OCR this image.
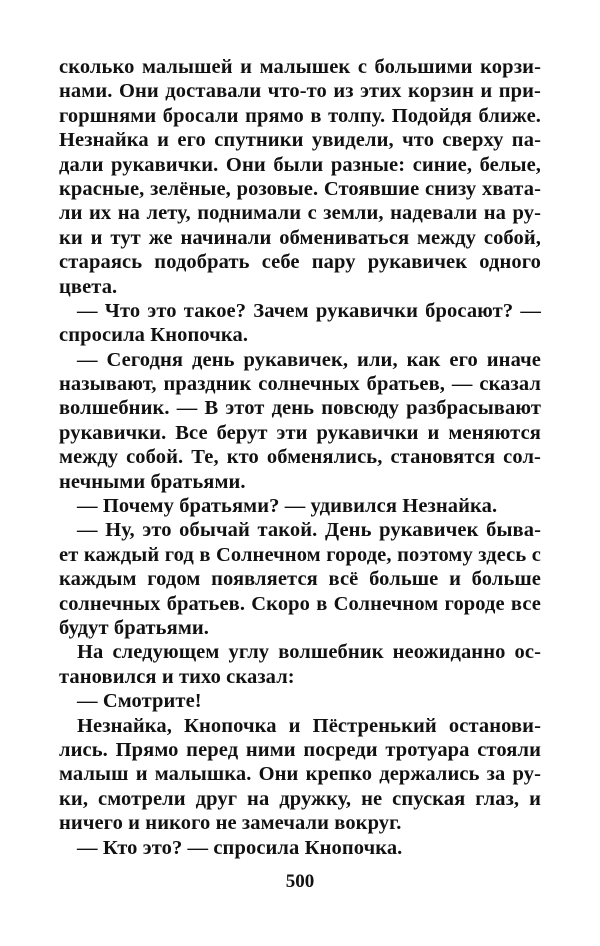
сколько малышей и малышек с большими корзи-
нами. Они доставали что-то из этих корзин и при-
горшнями бросали прямо в толпу. Подойдя ближе.
Незнайка и его спутники увидели, что сверху па-
дали рукавички. Они были разные: синие, белые,
красные, зелёные, розовые. Стоявшие снизу хвата-
ли их на лету, поднимали с земли, надевали на ру-
ки и тут же начинали обмениваться между собой,
стараясь подобрать себе пару рукавичек одного
цвета.
— Что это такое? Зачем рукавички бросают? —
спросила Кнопочка.
— Сегодня день рукавичек, или, как его иначе
называют, праздник солнечных братьев, — сказал
волшебник. — В этот день повсюду разбрасывают
рукавички. Все берут эти рукавички и меняются
между собой. Те, кто обменялись, становятся сол-
нечными братьями.
— Почему братьями? — удивился Незнайка.
— Ну, это обычай такой. День рукавичек быва-
ет каждый год в Солнечном городе, поэтому здесь с
каждым годом появляется всё больше и больше
солнечных братьев. Скоро в Солнечном городе все
будут братьями.
На следующем углу волшебник неожиданно ос-
тановился и тихо сказал:
— Смотрите!
Незнайка, Кнопочка и Пёстренький останови-
лись. Прямо перед ними посреди тротуара стояли
малыш и малышка. Они крепко держались за ру-
ки, смотрели друг на дружку, не спуская глаз, и
ничего и никого не замечали вокруг.
— Кто это? — спросила Кнопочка.
500
